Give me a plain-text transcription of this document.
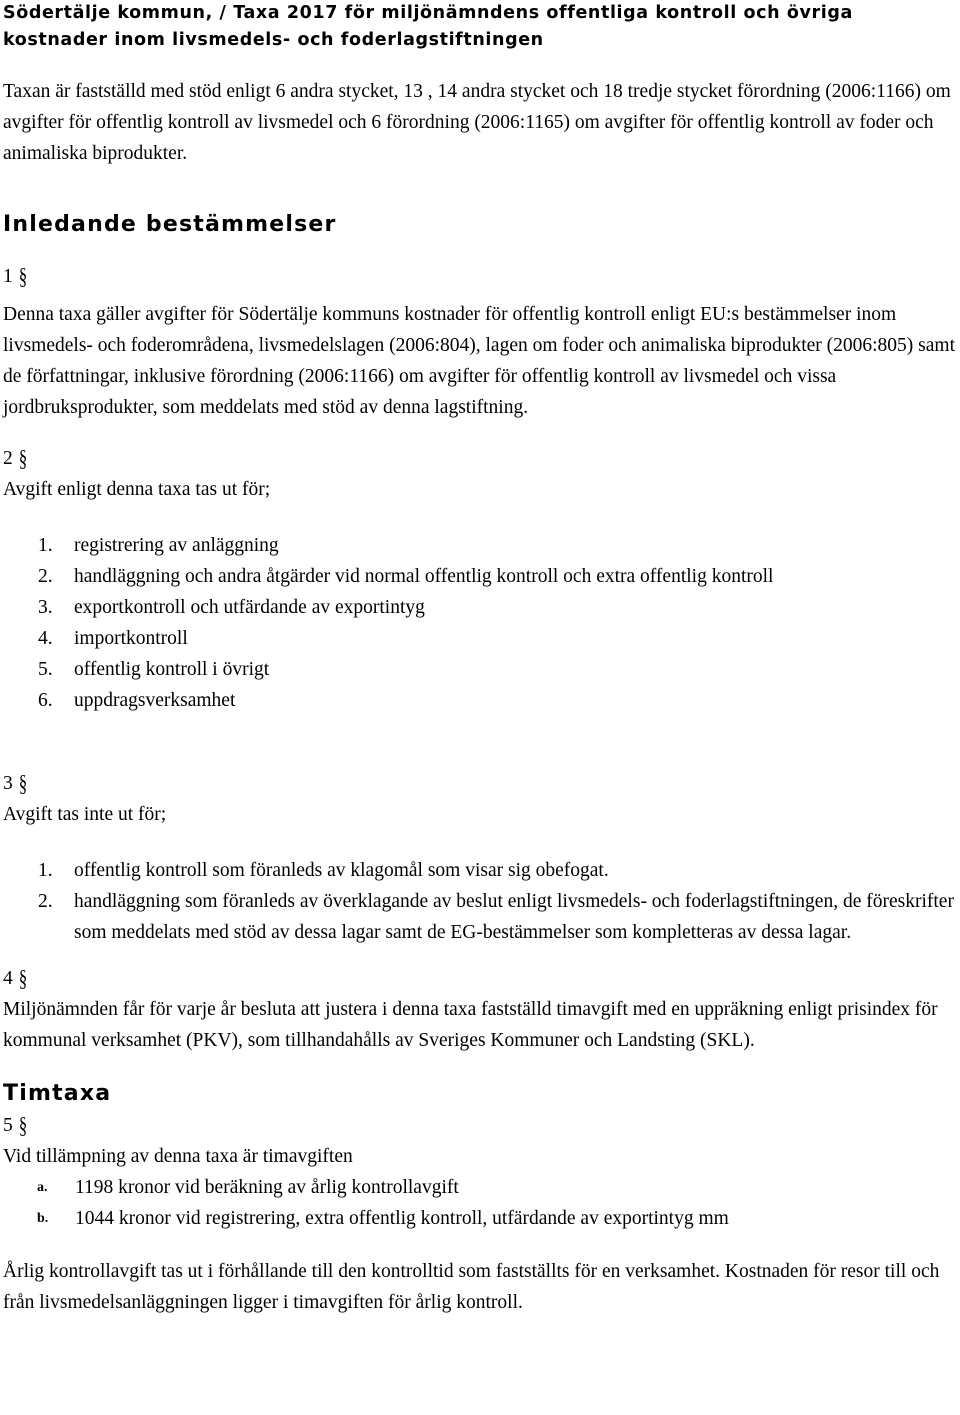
Södertälje kommun, / Taxa 2017 för miljönämndens offentliga kontroll och övriga kostnader inom livsmedels- och foderlagstiftningen

Taxan är fastställd med stöd enligt 6 andra stycket, 13 , 14 andra stycket och 18 tredje stycket förordning (2006:1166) om avgifter för offentlig kontroll av livsmedel och 6 förordning (2006:1165) om avgifter för offentlig kontroll av foder och animaliska biprodukter.

Inledande bestämmelser

1 §

Denna taxa gäller avgifter för Södertälje kommuns kostnader för offentlig kontroll enligt EU:s bestämmelser inom livsmedels- och foderområdena, livsmedelslagen (2006:804), lagen om foder och animaliska biprodukter (2006:805) samt de författningar, inklusive förordning (2006:1166) om avgifter för offentlig kontroll av livsmedel och vissa jordbruksprodukter, som meddelats med stöd av denna lagstiftning.

2 §

Avgift enligt denna taxa tas ut för;

1. registrering av anläggning
2. handläggning och andra åtgärder vid normal offentlig kontroll och extra offentlig kontroll
3. exportkontroll och utfärdande av exportintyg
4. importkontroll
5. offentlig kontroll i övrigt
6. uppdragsverksamhet

3 §

Avgift tas inte ut för;

1. offentlig kontroll som föranleds av klagomål som visar sig obefogat.
2. handläggning som föranleds av överklagande av beslut enligt livsmedels- och foderlagstiftningen, de föreskrifter som meddelats med stöd av dessa lagar samt de EG-bestämmelser som kompletteras av dessa lagar.

4 §

Miljönämnden får för varje år besluta att justera i denna taxa fastställd timavgift med en uppräkning enligt prisindex för kommunal verksamhet (PKV), som tillhandahålls av Sveriges Kommuner och Landsting (SKL).

Timtaxa

5 §

Vid tillämpning av denna taxa är timavgiften

a. 1198 kronor vid beräkning av årlig kontrollavgift
b. 1044 kronor vid registrering, extra offentlig kontroll, utfärdande av exportintyg mm

Årlig kontrollavgift tas ut i förhållande till den kontrolltid som fastställts för en verksamhet. Kostnaden för resor till och från livsmedelsanläggningen ligger i timavgiften för årlig kontroll.
